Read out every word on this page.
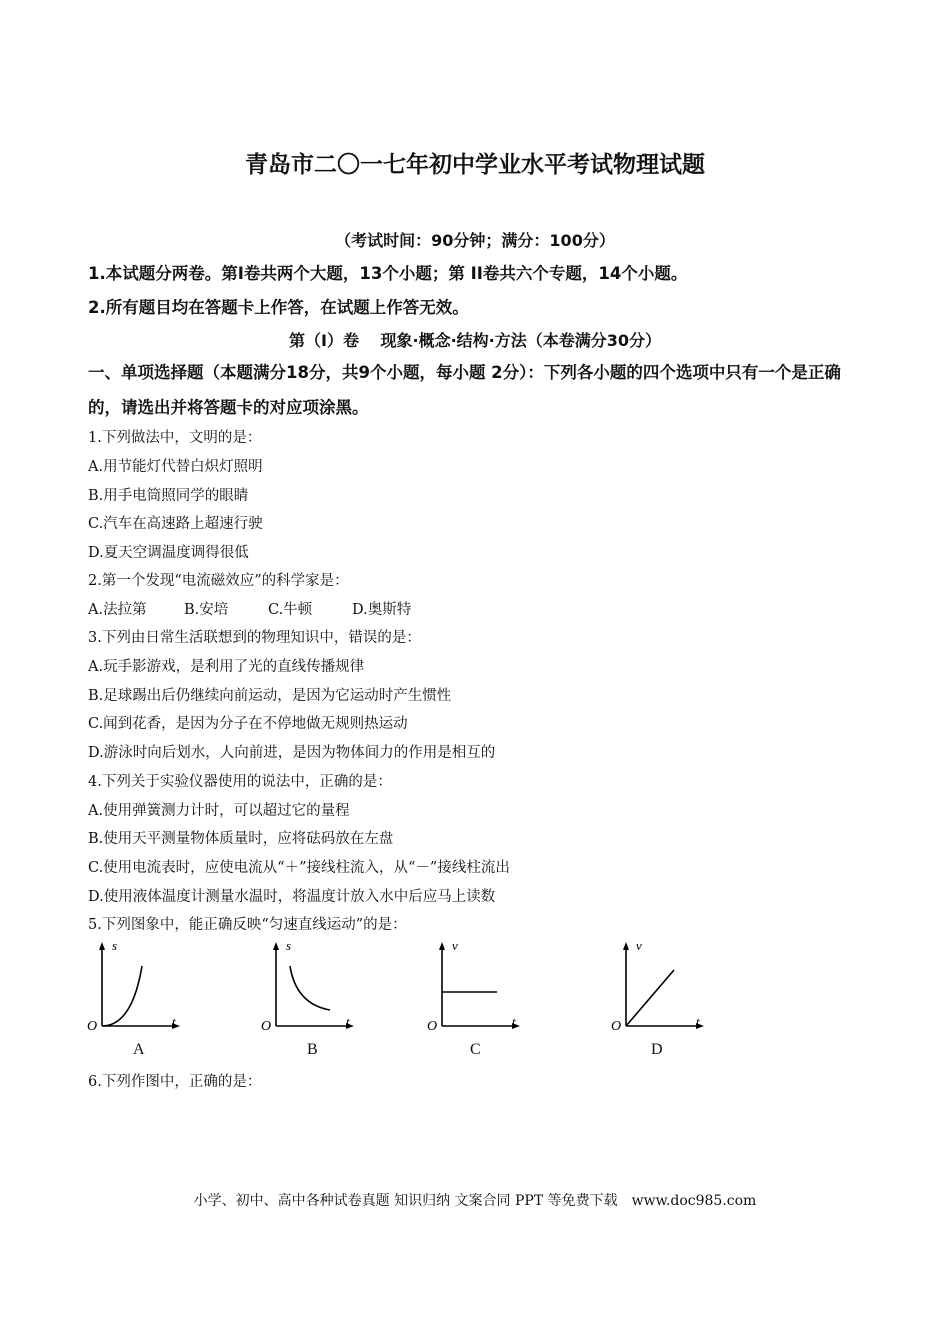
青岛市二〇一七年初中学业水平考试物理试题
（考试时间：90分钟；满分：100分）
1.本试题分两卷。第Ⅰ卷共两个大题，13个小题；第 II卷共六个专题，14个小题。
2.所有题目均在答题卡上作答，在试题上作答无效。
第（Ⅰ）卷　 现象·概念·结构·方法（本卷满分30分）
一、单项选择题（本题满分18分，共9个小题，每小题 2分）：下列各小题的四个选项中只有一个是正确的，请选出并将答题卡的对应项涂黑。
1.下列做法中，文明的是：
A.用节能灯代替白炽灯照明
B.用手电筒照同学的眼睛
C.汽车在高速路上超速行驶
D.夏天空调温度调得很低
2.第一个发现“电流磁效应”的科学家是：
A.法拉第	B.安培	C.牛顿	D.奥斯特
3.下列由日常生活联想到的物理知识中，错误的是：
A.玩手影游戏，是利用了光的直线传播规律
B.足球踢出后仍继续向前运动，是因为它运动时产生惯性
C.闻到花香，是因为分子在不停地做无规则热运动
D.游泳时向后划水，人向前进，是因为物体间力的作用是相互的
4.下列关于实验仪器使用的说法中，正确的是：
A.使用弹簧测力计时，可以超过它的量程
B.使用天平测量物体质量时，应将砝码放在左盘
C.使用电流表时，应使电流从“＋”接线柱流入，从“－”接线柱流出
D.使用液体温度计测量水温时，将温度计放入水中后应马上读数
5.下列图象中，能正确反映“匀速直线运动”的是：
s
t
O
s
t
O
v
t
O
v
t
O
A	B	C	D
6.下列作图中，正确的是：
小学、初中、高中各种试卷真题 知识归纳 文案合同 PPT 等免费下载　www.doc985.com
